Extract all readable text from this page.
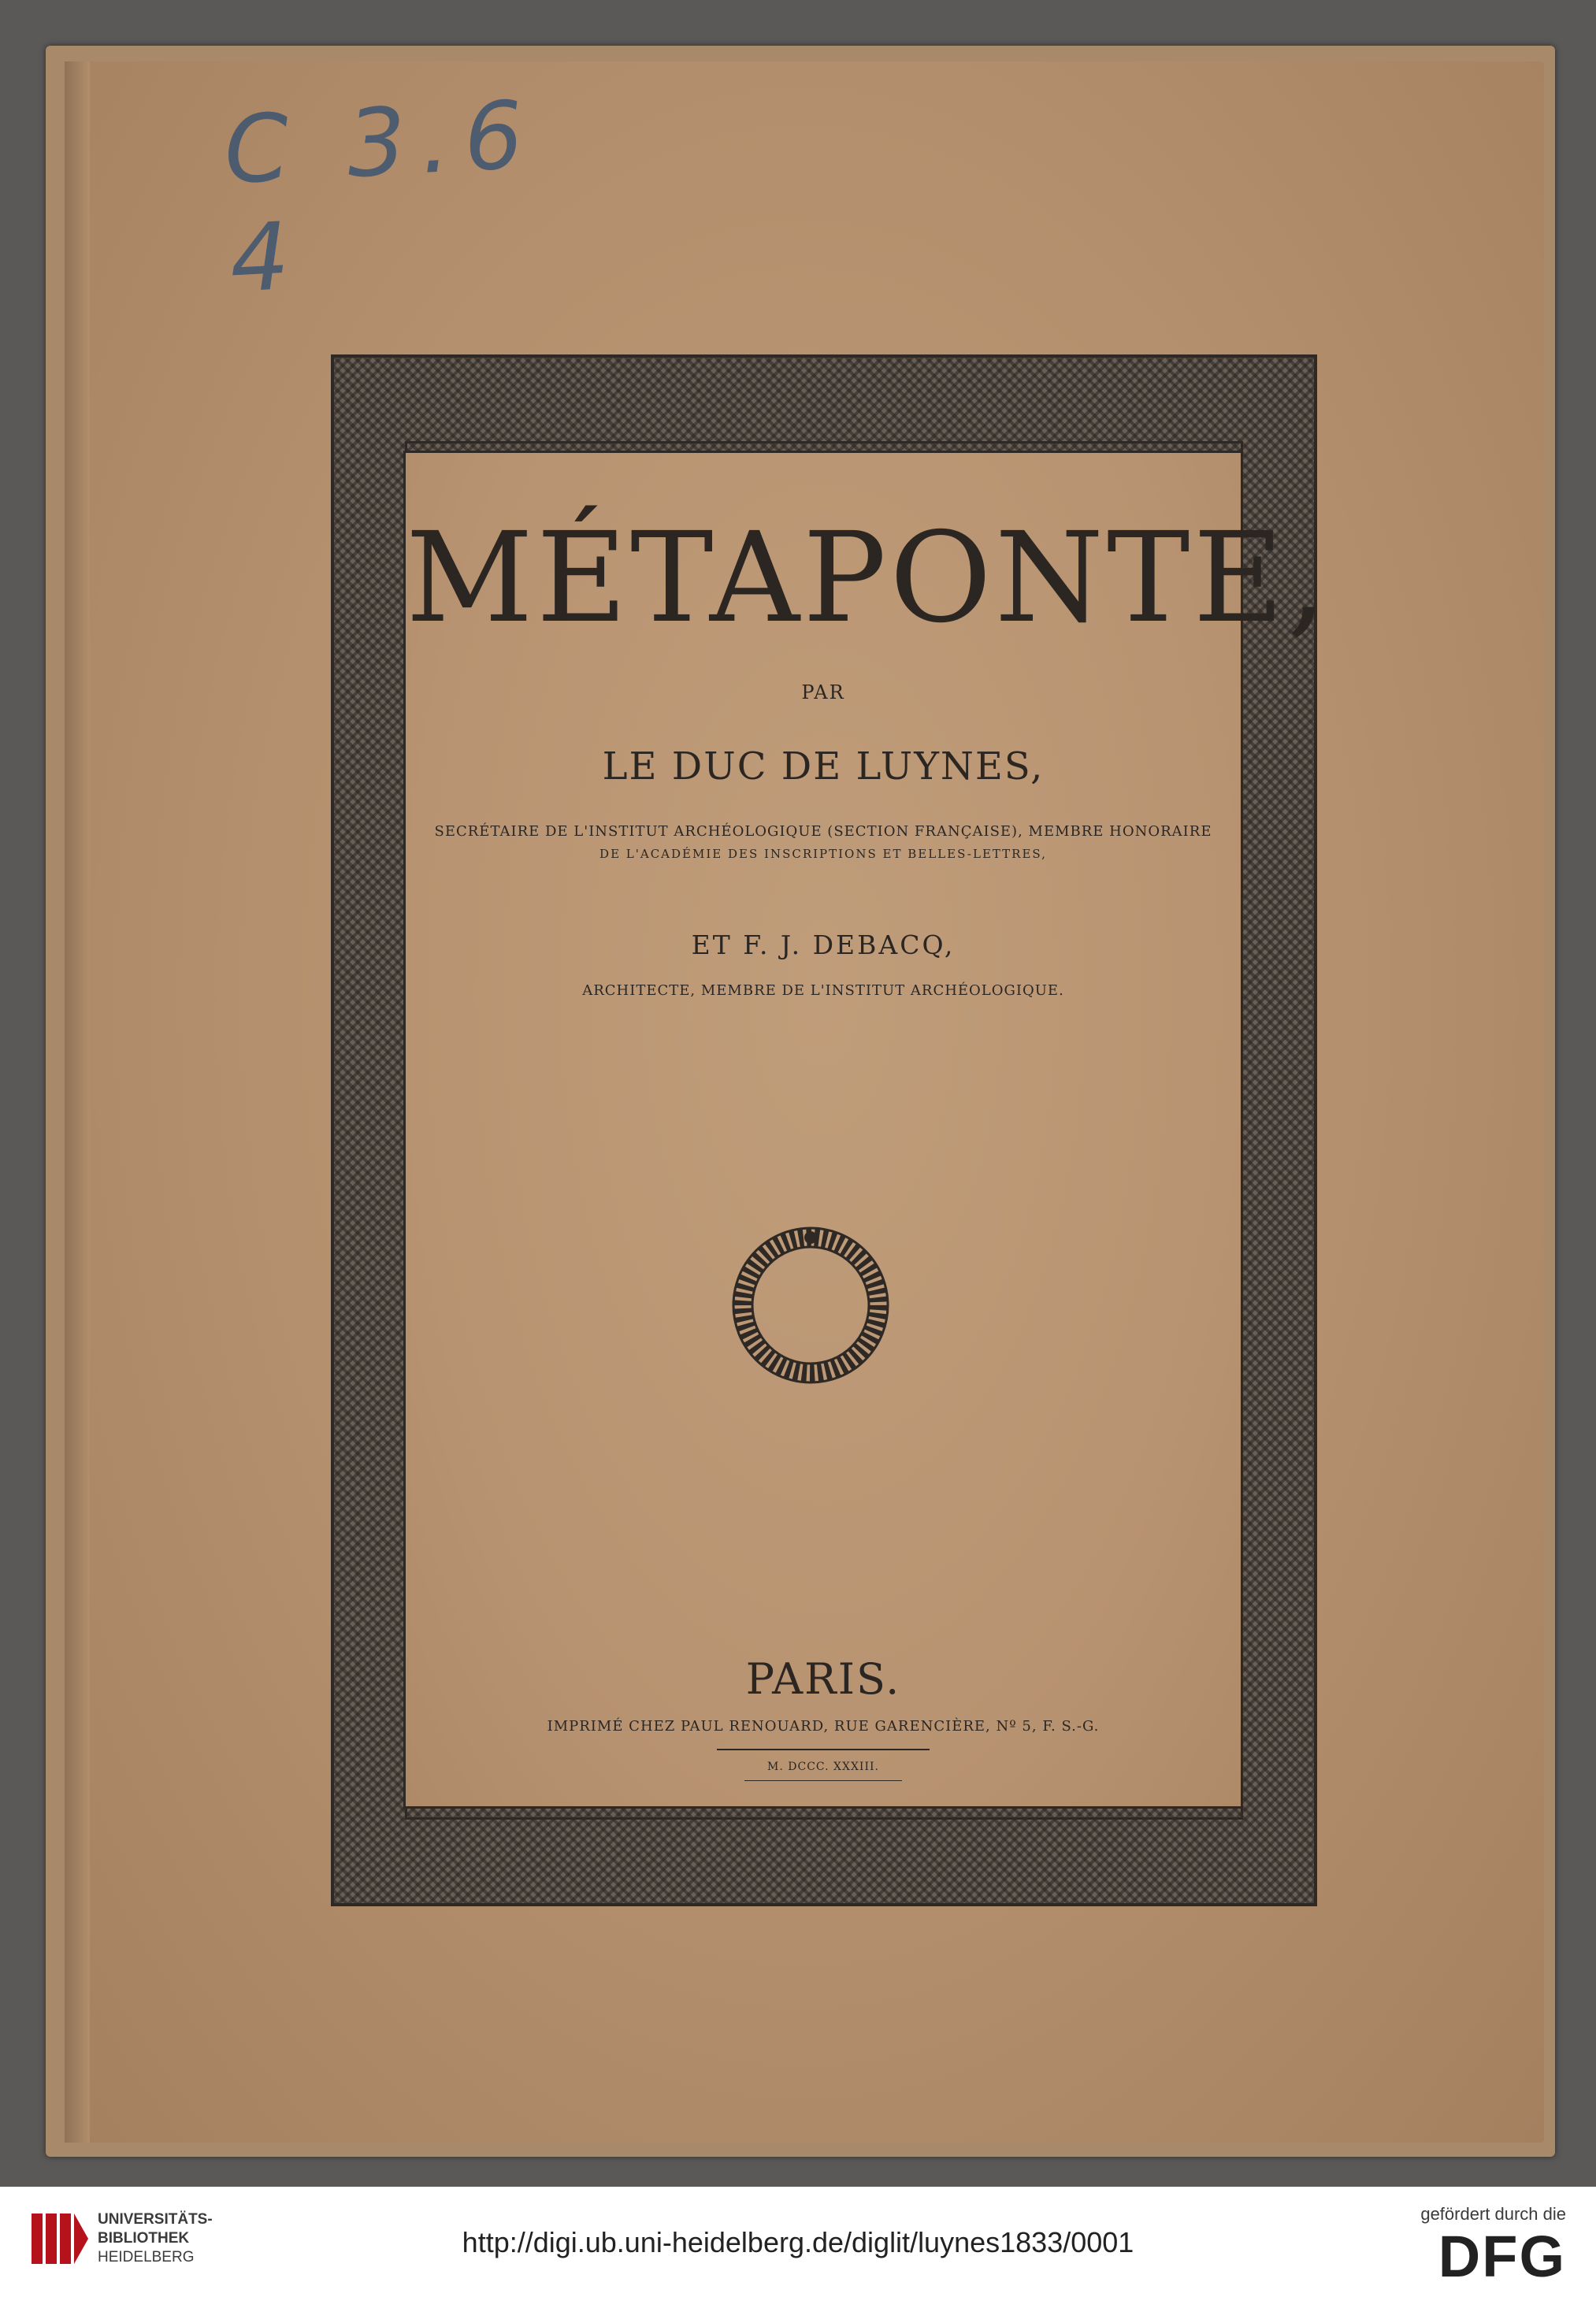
C 3.6 4
MÉTAPONTE,
PAR
LE DUC DE LUYNES,
SECRÉTAIRE DE L'INSTITUT ARCHÉOLOGIQUE (SECTION FRANÇAISE), MEMBRE HONORAIRE
DE L'ACADÉMIE DES INSCRIPTIONS ET BELLES-LETTRES,
ET F. J. DEBACQ,
ARCHITECTE, MEMBRE DE L'INSTITUT ARCHÉOLOGIQUE.
PARIS.
IMPRIMÉ CHEZ PAUL RENOUARD, RUE GARENCIÈRE, Nº 5, F. S.-G.
M. DCCC. XXXIII.
UNIVERSITÄTS-
BIBLIOTHEK
HEIDELBERG	http://digi.ub.uni-heidelberg.de/diglit/luynes1833/0001
gefördert durch die
DFG
